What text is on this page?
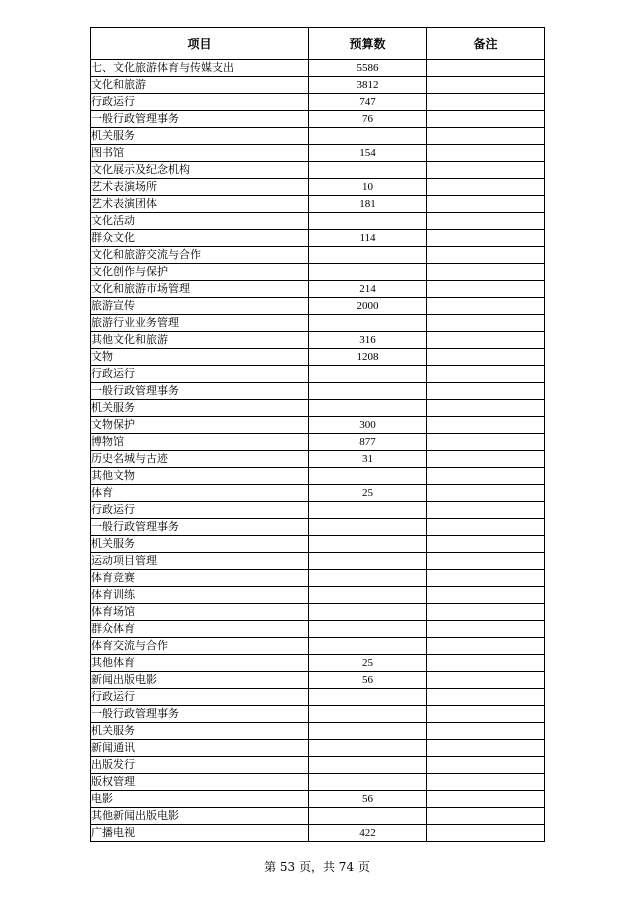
项目	预算数	备注
七、文化旅游体育与传媒支出	5586	
文化和旅游	3812	
行政运行	747	
一般行政管理事务	76	
机关服务		
图书馆	154	
文化展示及纪念机构		
艺术表演场所	10	
艺术表演团体	181	
文化活动		
群众文化	114	
文化和旅游交流与合作		
文化创作与保护		
文化和旅游市场管理	214	
旅游宣传	2000	
旅游行业业务管理		
其他文化和旅游	316	
文物	1208	
行政运行		
一般行政管理事务		
机关服务		
文物保护	300	
博物馆	877	
历史名城与古迹	31	
其他文物		
体育	25	
行政运行		
一般行政管理事务		
机关服务		
运动项目管理		
体育竞赛		
体育训练		
体育场馆		
群众体育		
体育交流与合作		
其他体育	25	
新闻出版电影	56	
行政运行		
一般行政管理事务		
机关服务		
新闻通讯		
出版发行		
版权管理		
电影	56	
其他新闻出版电影		
广播电视	422	
第 53 页，共 74 页
